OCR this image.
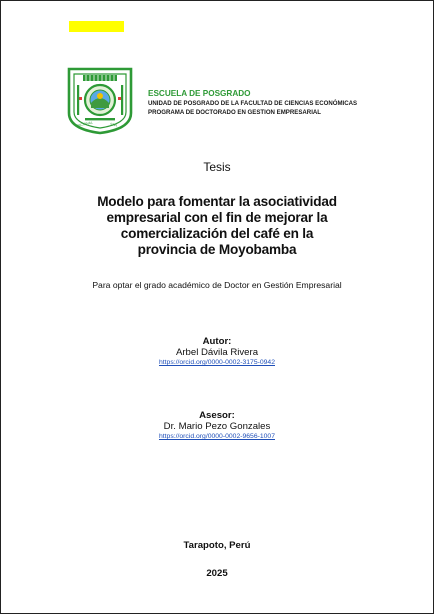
NACIONAL	SAN
ESCUELA DE POSGRADO
UNIDAD DE POSGRADO DE LA FACULTAD DE CIENCIAS ECONÓMICAS
PROGRAMA DE DOCTORADO EN GESTION EMPRESARIAL
Tesis
Modelo para fomentar la asociatividad empresarial con el fin de mejorar la comercialización del café en la provincia de Moyobamba
Para optar el grado académico de Doctor en Gestión Empresarial
Autor:
Arbel Dávila Rivera
https://orcid.org/0000-0002-3175-0942
Asesor:
Dr. Mario Pezo Gonzales
https://orcid.org/0000-0002-9656-1007
Tarapoto, Perú
2025
